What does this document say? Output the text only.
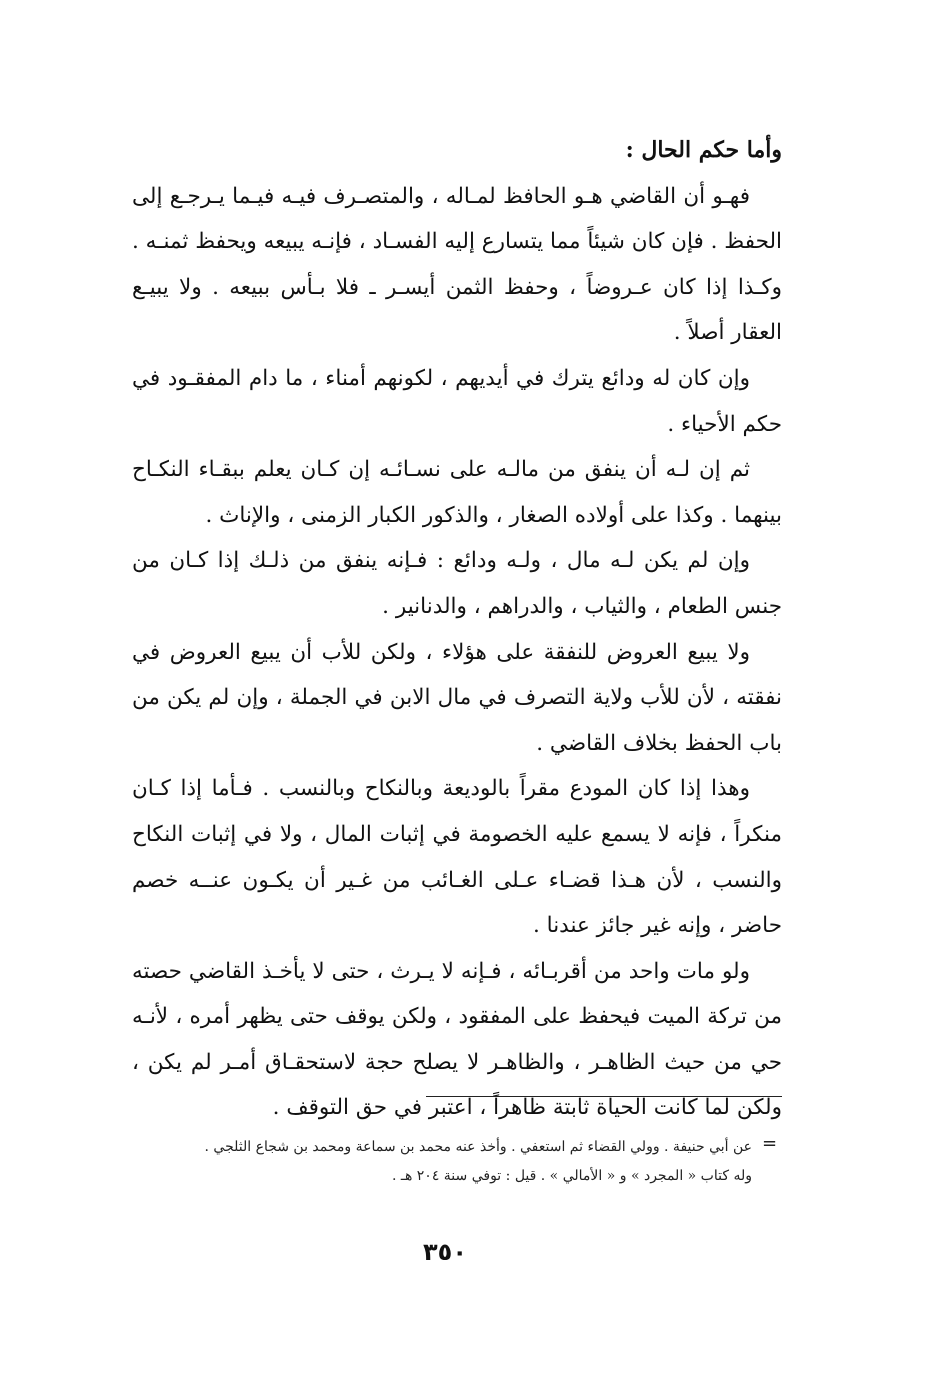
وأما حكم الحال :

فهـو أن القاضي هـو الحافظ لمـاله ، والمتصـرف فيـه فيـما يـرجـع إلى الحفظ . فإن كان شيئاً مما يتسارع إليه الفسـاد ، فإنـه يبيعه ويحفظ ثمنـه . وكـذا إذا كان عـروضاً ، وحفظ الثمن أيسـر ـ فلا بـأس ببيعه . ولا يبيـع العقار أصلاً .

وإن كان له ودائع يترك في أيديهم ، لكونهم أمناء ، ما دام المفقـود في حكم الأحياء .

ثم إن لـه أن ينفق من مالـه على نسـائـه إن كـان يعلم ببقـاء النكـاح بينهما . وكذا على أولاده الصغار ، والذكور الكبار الزمنى ، والإناث .

وإن لم يكن لـه مال ، ولـه ودائع : فـإنه ينفق من ذلـك إذا كـان من جنس الطعام ، والثياب ، والدراهم ، والدنانير .

ولا يبيع العروض للنفقة على هؤلاء ، ولكن للأب أن يبيع العروض في نفقته ، لأن للأب ولاية التصرف في مال الابن في الجملة ، وإن لم يكن من باب الحفظ بخلاف القاضي .

وهذا إذا كان المودع مقراً بالوديعة وبالنكاح وبالنسب . فـأما إذا كـان منكراً ، فإنه لا يسمع عليه الخصومة في إثبات المال ، ولا في إثبات النكاح والنسب ، لأن هـذا قضـاء عـلى الغـائب من غـير أن يكـون عنــه خصم حاضر ، وإنه غير جائز عندنا .

ولو مات واحد من أقربـائه ، فـإنه لا يـرث ، حتى لا يأخـذ القاضي حصته من تركة الميت فيحفظ على المفقود ، ولكن يوقف حتى يظهر أمره ، لأنـه حي من حيث الظاهـر ، والظاهـر لا يصلح حجة لاستحقـاق أمـر لم يكن ، ولكن لما كانت الحياة ثابتة ظاهراً ، اعتبر في حق التوقف .

=
عن أبي حنيفة . وولي القضاء ثم استعفي . وأخذ عنه محمد بن سماعة ومحمد بن شجاع الثلجي .
وله كتاب « المجرد » و « الأمالي » . قيل : توفي سنة ٢٠٤ هـ .
٣٥٠
